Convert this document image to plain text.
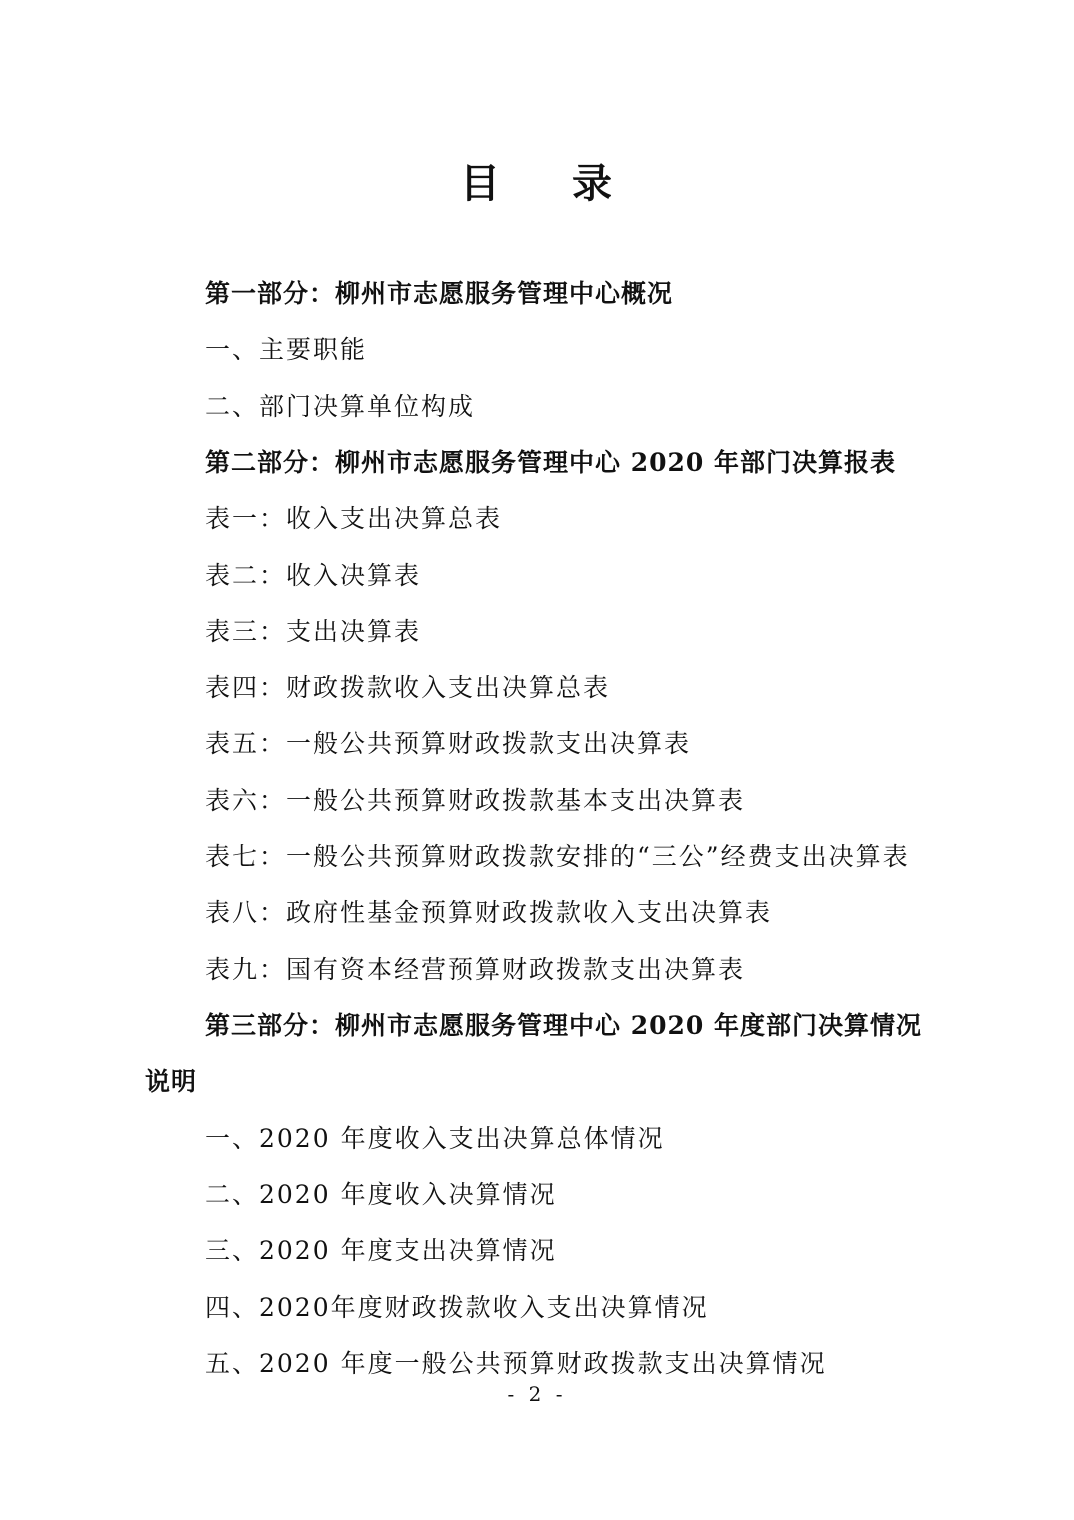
目 录
第一部分：柳州市志愿服务管理中心概况
一、主要职能
二、部门决算单位构成
第二部分：柳州市志愿服务管理中心 2020 年部门决算报表
表一：收入支出决算总表
表二：收入决算表
表三：支出决算表
表四：财政拨款收入支出决算总表
表五：一般公共预算财政拨款支出决算表
表六：一般公共预算财政拨款基本支出决算表
表七：一般公共预算财政拨款安排的“三公”经费支出决算表
表八：政府性基金预算财政拨款收入支出决算表
表九：国有资本经营预算财政拨款支出决算表
第三部分：柳州市志愿服务管理中心 2020 年度部门决算情况
说明
一、2020 年度收入支出决算总体情况
二、2020 年度收入决算情况
三、2020 年度支出决算情况
四、2020年度财政拨款收入支出决算情况
五、2020 年度一般公共预算财政拨款支出决算情况
- 2 -
